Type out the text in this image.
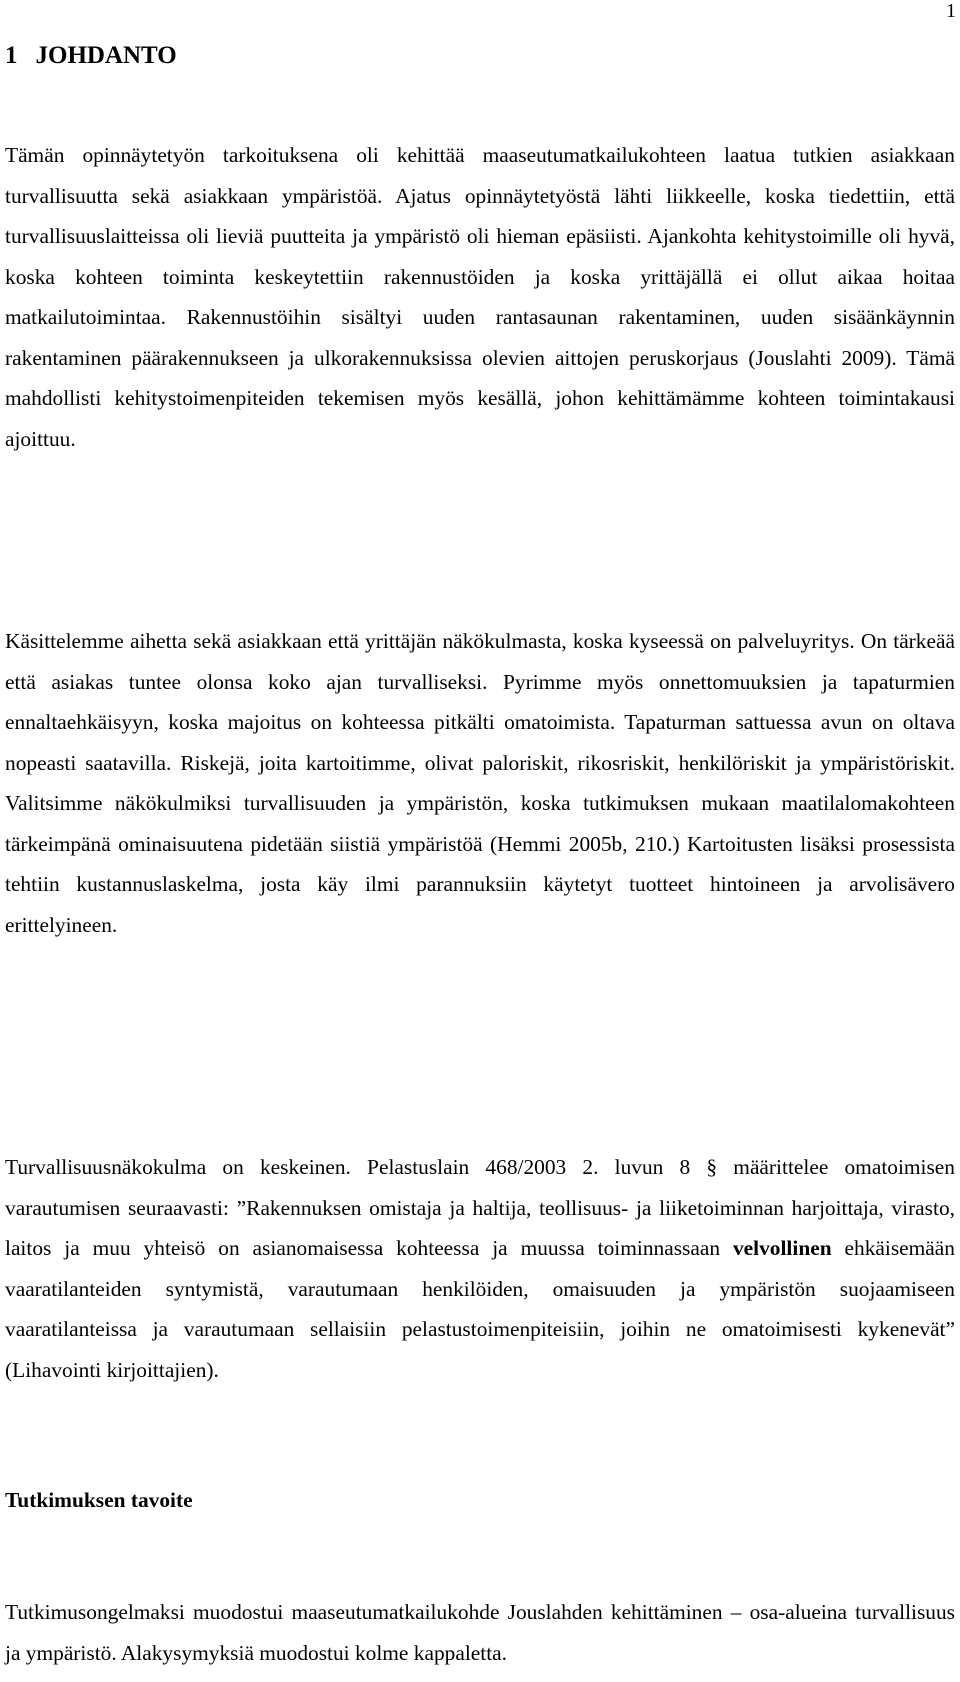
1
1 JOHDANTO

Tämän opinnäytetyön tarkoituksena oli kehittää maaseutumatkailukohteen laatua tutkien asiakkaan turvallisuutta sekä asiakkaan ympäristöä. Ajatus opinnäytetyöstä lähti liikkeelle, koska tiedettiin, että turvallisuuslaitteissa oli lieviä puutteita ja ympäristö oli hieman epäsiisti. Ajankohta kehitystoimille oli hyvä, koska kohteen toiminta keskeytettiin rakennustöiden ja koska yrittäjällä ei ollut aikaa hoitaa matkailutoimintaa. Rakennustöihin sisältyi uuden rantasaunan rakentaminen, uuden sisäänkäynnin rakentaminen päärakennukseen ja ulkorakennuksissa olevien aittojen peruskorjaus (Jouslahti 2009). Tämä mahdollisti kehitystoimenpiteiden tekemisen myös kesällä, johon kehittämämme kohteen toimintakausi ajoittuu.

Käsittelemme aihetta sekä asiakkaan että yrittäjän näkökulmasta, koska kyseessä on palveluyritys. On tärkeää että asiakas tuntee olonsa koko ajan turvalliseksi. Pyrimme myös onnettomuuksien ja tapaturmien ennaltaehkäisyyn, koska majoitus on kohteessa pitkälti omatoimista. Tapaturman sattuessa avun on oltava nopeasti saatavilla. Riskejä, joita kartoitimme, olivat paloriskit, rikosriskit, henkilöriskit ja ympäristöriskit. Valitsimme näkökulmiksi turvallisuuden ja ympäristön, koska tutkimuksen mukaan maatilalomakohteen tärkeimpänä ominaisuutena pidetään siistiä ympäristöä (Hemmi 2005b, 210.) Kartoitusten lisäksi prosessista tehtiin kustannuslaskelma, josta käy ilmi parannuksiin käytetyt tuotteet hintoineen ja arvolisävero erittelyineen.

Turvallisuusnäkokulma on keskeinen. Pelastuslain 468/2003 2. luvun 8 § määrittelee omatoimisen varautumisen seuraavasti: ”Rakennuksen omistaja ja haltija, teollisuus- ja liiketoiminnan harjoittaja, virasto, laitos ja muu yhteisö on asianomaisessa kohteessa ja muussa toiminnassaan velvollinen ehkäisemään vaaratilanteiden syntymistä, varautumaan henkilöiden, omaisuuden ja ympäristön suojaamiseen vaaratilanteissa ja varautumaan sellaisiin pelastustoimenpiteisiin, joihin ne omatoimisesti kykenevät” (Lihavointi kirjoittajien).

Tutkimuksen tavoite

Tutkimusongelmaksi muodostui maaseutumatkailukohde Jouslahden kehittäminen – osa-alueina turvallisuus ja ympäristö. Alakysymyksiä muodostui kolme kappaletta.
